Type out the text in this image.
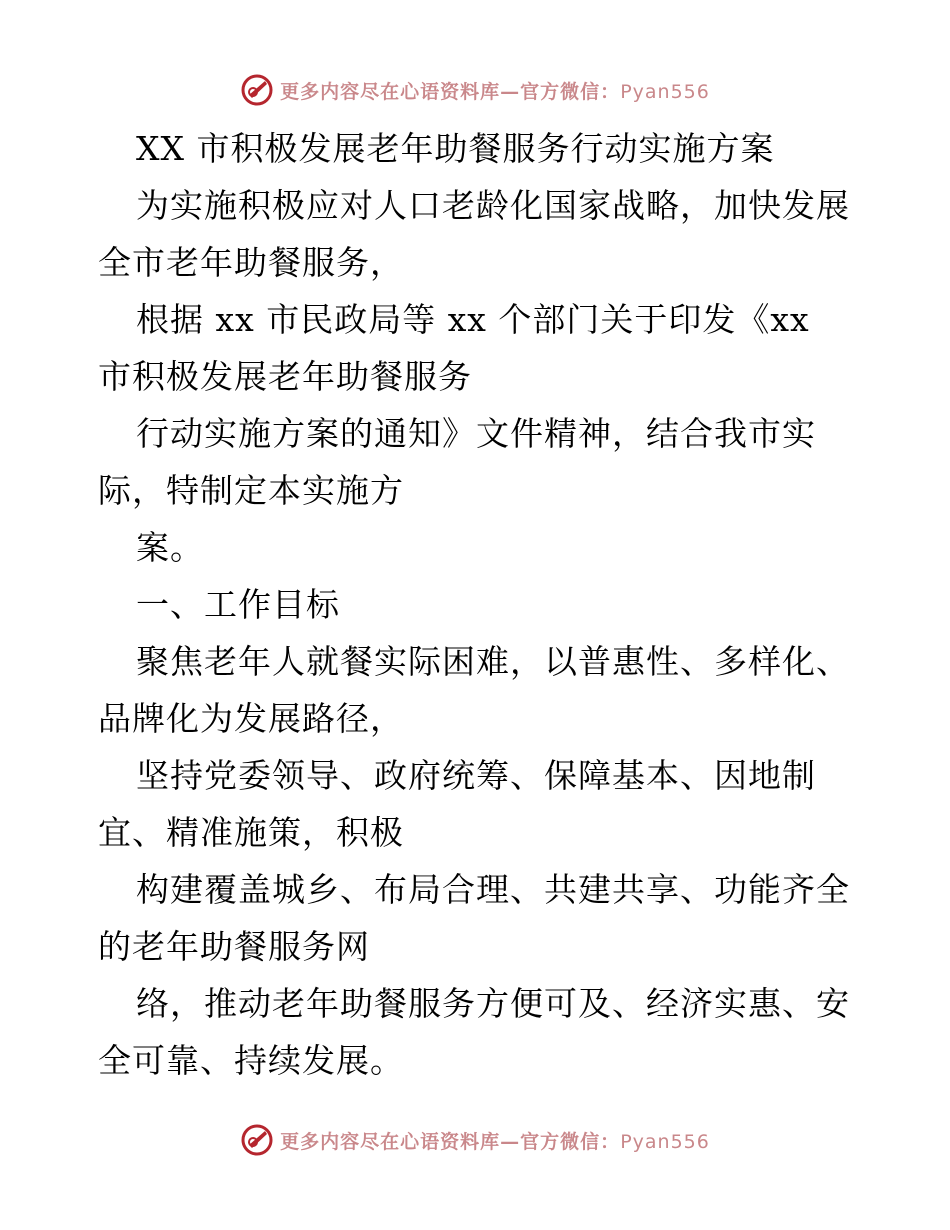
更多内容尽在心语资料库—官方微信：Pyan556
XX 市积极发展老年助餐服务行动实施方案
为实施积极应对人口老龄化国家战略，加快发展
全市老年助餐服务，
根据 xx 市民政局等 xx 个部门关于印发《xx
市积极发展老年助餐服务
行动实施方案的通知》文件精神，结合我市实
际，特制定本实施方
案。
一、工作目标
聚焦老年人就餐实际困难，以普惠性、多样化、
品牌化为发展路径，
坚持党委领导、政府统筹、保障基本、因地制
宜、精准施策，积极
构建覆盖城乡、布局合理、共建共享、功能齐全
的老年助餐服务网
络，推动老年助餐服务方便可及、经济实惠、安
全可靠、持续发展。
更多内容尽在心语资料库—官方微信：Pyan556
